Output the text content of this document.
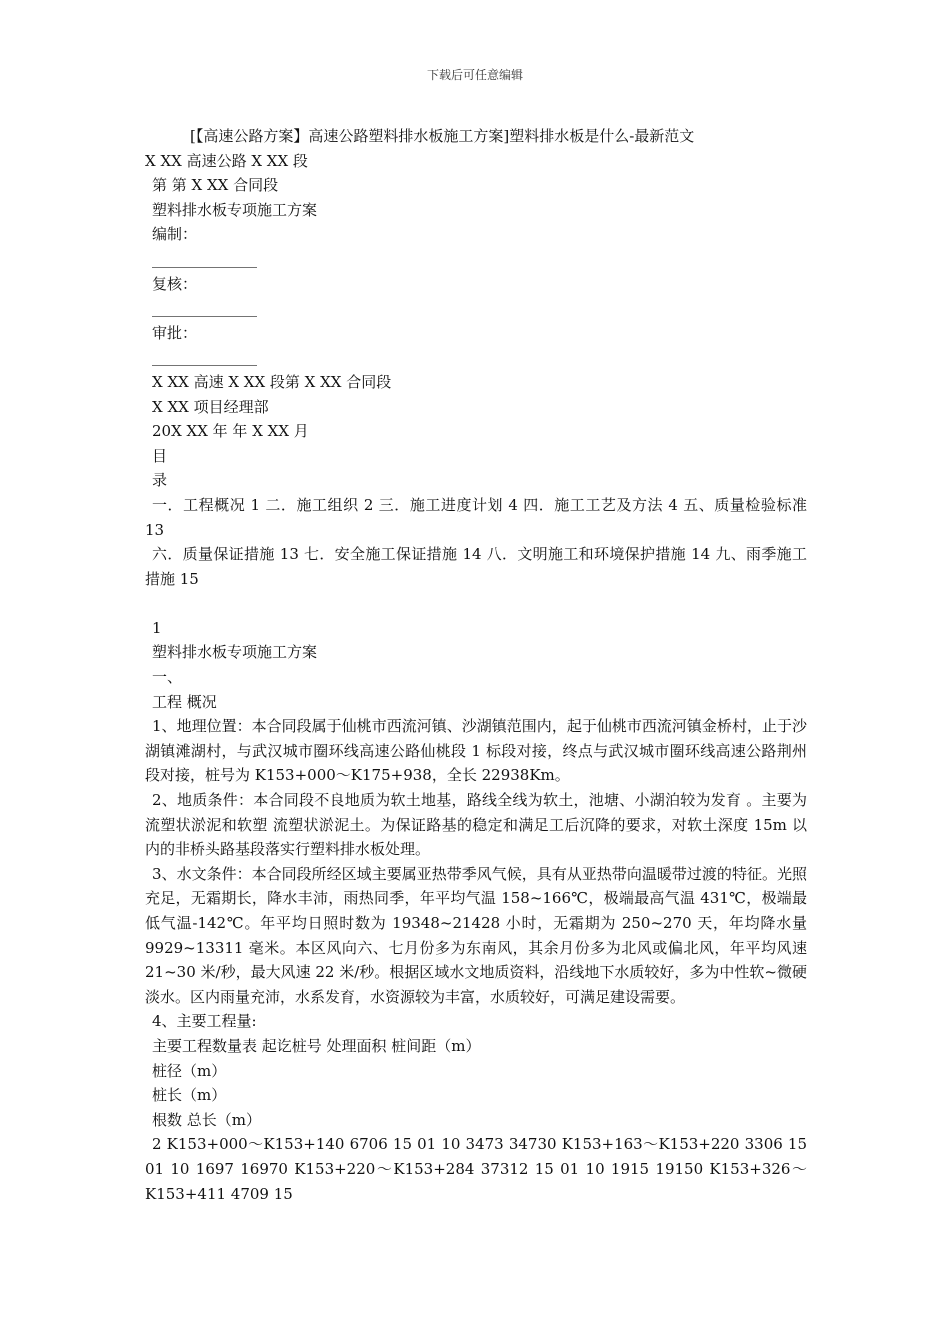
下载后可任意编辑
[【高速公路方案】高速公路塑料排水板施工方案]塑料排水板是什么-最新范文
X XX 高速公路 X XX 段
第 第 X XX 合同段
塑料排水板专项施工方案
编制：
______________
复核：
______________
审批：
______________
X XX 高速 X XX 段第 X XX 合同段
X XX 项目经理部
20X XX 年 年 X XX 月
目
录
一．工程概况 1 二．施工组织 2 三．施工进度计划 4 四．施工工艺及方法 4 五、质量检验标准 13
六．质量保证措施 13 七．安全施工保证措施 14 八．文明施工和环境保护措施 14 九、雨季施工措施 15
1
塑料排水板专项施工方案
一、
工程 概况
1、地理位置：本合同段属于仙桃市西流河镇、沙湖镇范围内，起于仙桃市西流河镇金桥村，止于沙湖镇滩湖村，与武汉城市圈环线高速公路仙桃段 1 标段对接，终点与武汉城市圈环线高速公路荆州段对接，桩号为 K153+000～K175+938，全长 22938Km。
2、地质条件：本合同段不良地质为软土地基，路线全线为软土，池塘、小湖泊较为发育 。主要为流塑状淤泥和软塑 流塑状淤泥土。为保证路基的稳定和满足工后沉降的要求，对软土深度 15m 以内的非桥头路基段落实行塑料排水板处理。
3、水文条件：本合同段所经区域主要属亚热带季风气候，具有从亚热带向温暖带过渡的特征。光照充足，无霜期长，降水丰沛，雨热同季，年平均气温 158~166℃，极端最高气温 431℃，极端最低气温-142℃。年平均日照时数为 19348~21428 小时，无霜期为 250~270 天，年均降水量 9929~13311 毫米。本区风向六、七月份多为东南风，其余月份多为北风或偏北风，年平均风速 21~30 米/秒，最大风速 22 米/秒。根据区域水文地质资料，沿线地下水质较好，多为中性软~微硬淡水。区内雨量充沛，水系发育，水资源较为丰富，水质较好，可满足建设需要。
4、主要工程量:
主要工程数量表 起讫桩号 处理面积 桩间距（m）
桩径（m）
桩长（m）
根数 总长（m）
2 K153+000～K153+140 6706 15 01 10 3473 34730 K153+163～K153+220 3306 15 01 10 1697 16970 K153+220～K153+284 37312 15 01 10 1915 19150 K153+326～K153+411 4709 15
